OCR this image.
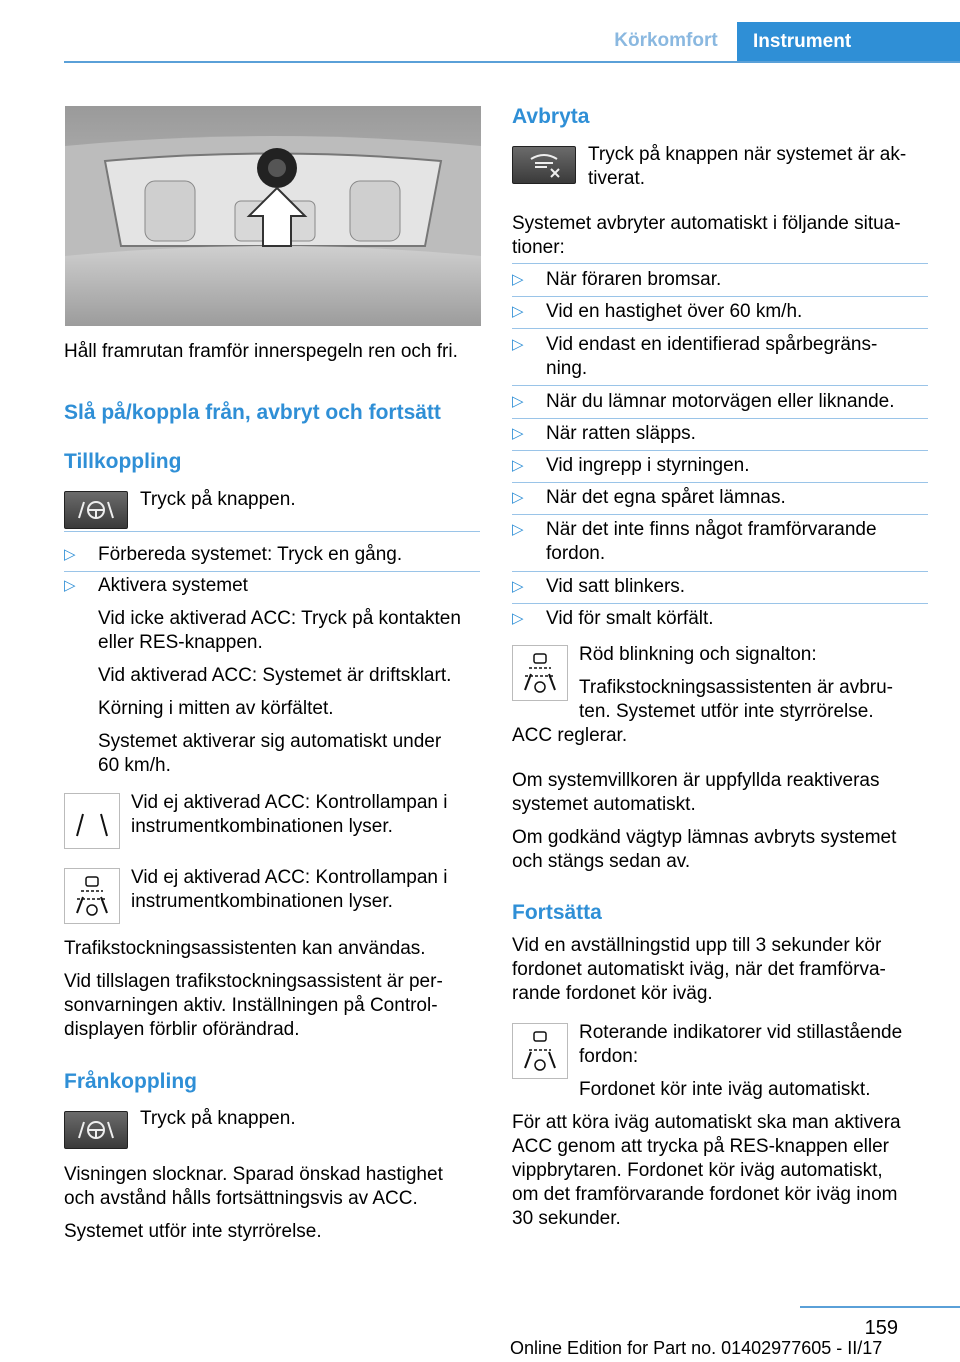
Körkomfort	Instrument
Håll framrutan framför innerspegeln ren och fri.
Slå på/koppla från, avbryt och fortsätt
Tillkoppling
Tryck på knappen.
▷ Förbereda systemet: Tryck en gång.
▷ Aktivera systemet
Vid icke aktiverad ACC: Tryck på kontakten
eller RES-knappen.
Vid aktiverad ACC: Systemet är driftsklart.
Körning i mitten av körfältet.
Systemet aktiverar sig automatiskt under
60 km/h.
Vid ej aktiverad ACC: Kontrollampan i
instrumentkombinationen lyser.
Vid ej aktiverad ACC: Kontrollampan i
instrumentkombinationen lyser.
Trafikstockningsassistenten kan användas.
Vid tillslagen trafikstockningsassistent är per-
sonvarningen aktiv. Inställningen på Control-
displayen förblir oförändrad.
Frånkoppling
Tryck på knappen.
Visningen slocknar. Sparad önskad hastighet
och avstånd hålls fortsättningsvis av ACC.
Systemet utför inte styrrörelse.
Avbryta
Tryck på knappen när systemet är ak-
tiverat.
Systemet avbryter automatiskt i följande situa-
tioner:
▷ När föraren bromsar.
▷ Vid en hastighet över 60 km/h.
▷ Vid endast en identifierad spårbegräns-
ning.
▷ När du lämnar motorvägen eller liknande.
▷ När ratten släpps.
▷ Vid ingrepp i styrningen.
▷ När det egna spåret lämnas.
▷ När det inte finns något framförvarande
fordon.
▷ Vid satt blinkers.
▷ Vid för smalt körfält.
Röd blinkning och signalton:
Trafikstockningsassistenten är avbru-
ten. Systemet utför inte styrrörelse.
ACC reglerar.
Om systemvillkoren är uppfyllda reaktiveras
systemet automatiskt.
Om godkänd vägtyp lämnas avbryts systemet
och stängs sedan av.
Fortsätta
Vid en avställningstid upp till 3 sekunder kör
fordonet automatiskt iväg, när det framförva-
rande fordonet kör iväg.
Roterande indikatorer vid stillastående
fordon:
Fordonet kör inte iväg automatiskt.
För att köra iväg automatiskt ska man aktivera
ACC genom att trycka på RES-knappen eller
vippbrytaren. Fordonet kör iväg automatiskt,
om det framförvarande fordonet kör iväg inom
30 sekunder.
159
Online Edition for Part no. 01402977605 - II/17
